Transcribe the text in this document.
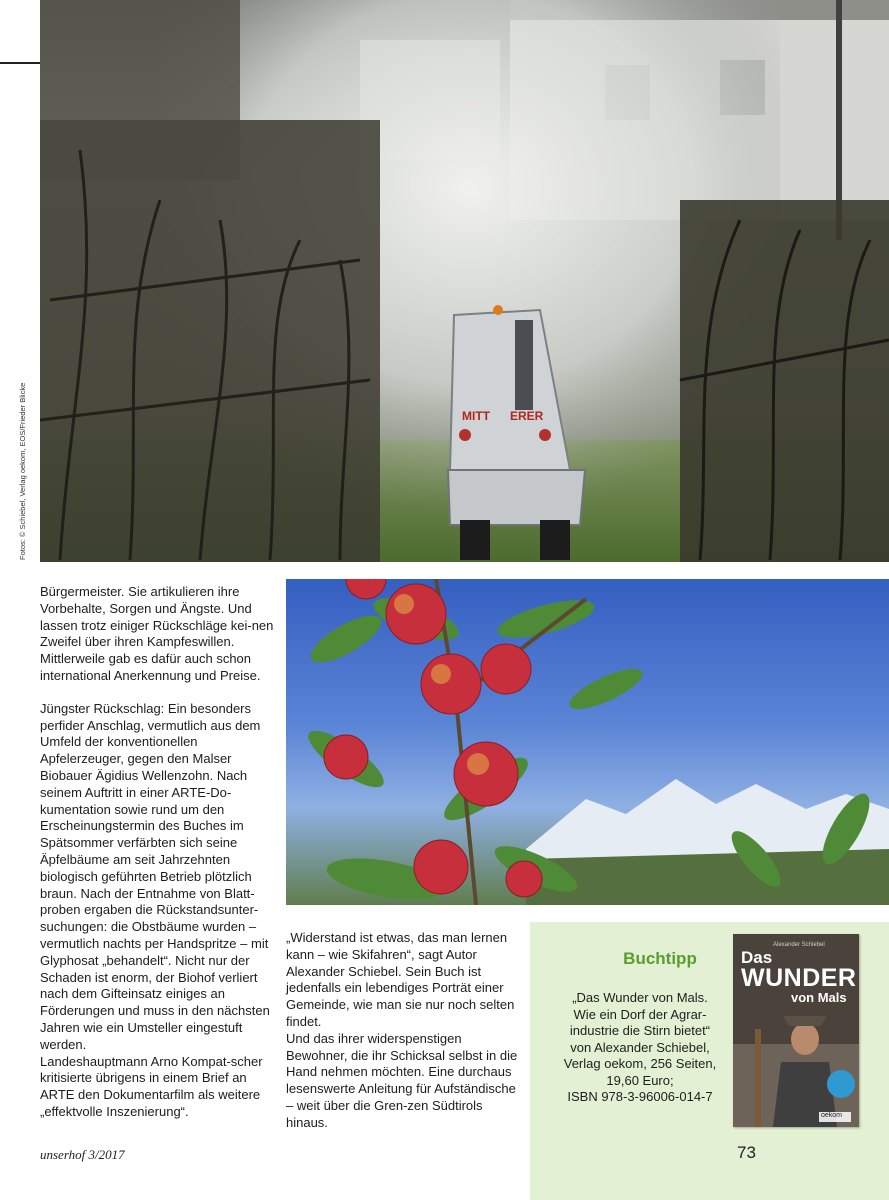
MITT ERER
Fotos: © Schiebel, Verlag oekom, EOS/Frieder Blicke

Bürgermeister. Sie artikulieren ihre Vorbehalte, Sorgen und Ängste. Und lassen trotz einiger Rückschläge kei-nen Zweifel über ihren Kampfeswillen. Mittlerweile gab es dafür auch schon international Anerkennung und Preise.

Jüngster Rückschlag: Ein besonders perfider Anschlag, vermutlich aus dem Umfeld der konventionellen Apfelerzeuger, gegen den Malser Biobauer Ägidius Wellenzohn. Nach seinem Auftritt in einer ARTE-Do-kumentation sowie rund um den Erscheinungstermin des Buches im Spätsommer verfärbten sich seine Äpfelbäume am seit Jahrzehnten biologisch geführten Betrieb plötzlich braun. Nach der Entnahme von Blatt-proben ergaben die Rückstandsunter-suchungen: die Obstbäume wurden – vermutlich nachts per Handspritze – mit Glyphosat „behandelt“. Nicht nur der Schaden ist enorm, der Biohof verliert nach dem Gifteinsatz einiges an Förderungen und muss in den nächsten Jahren wie ein Umsteller eingestuft werden.

Landeshauptmann Arno Kompat-scher kritisierte übrigens in einem Brief an ARTE den Dokumentarfilm als weitere „effektvolle Inszenierung“.

„Widerstand ist etwas, das man lernen kann – wie Skifahren“, sagt Autor Alexander Schiebel. Sein Buch ist jedenfalls ein lebendiges Porträt einer Gemeinde, wie man sie nur noch selten findet.

Und das ihrer widerspenstigen Bewohner, die ihr Schicksal selbst in die Hand nehmen möchten. Eine durchaus lesenswerte Anleitung für Aufständische – weit über die Gren-zen Südtirols hinaus.

Buchtipp

„Das Wunder von Mals.

Wie ein Dorf der Agrar-

industrie die Stirn bietet“

von Alexander Schiebel,

Verlag oekom, 256 Seiten,

19,60 Euro;

ISBN 978-3-96006-014-7

Alexander Schiebel
Das
WUNDER
von Mals
oekom
unserhof 3/2017	73
